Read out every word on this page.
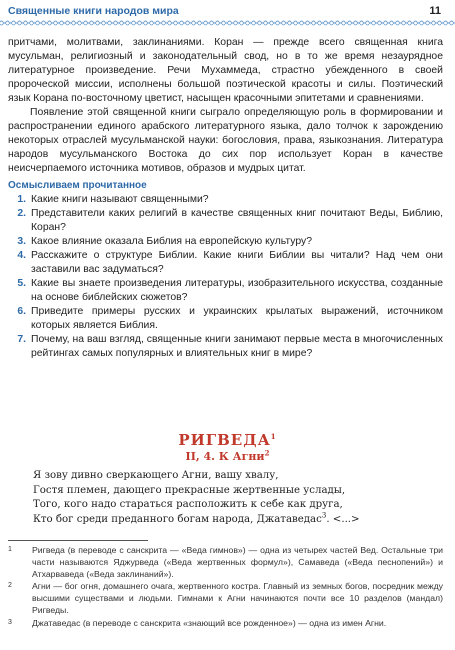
Священные книги народов мира	11

притчами, молитвами, заклинаниями. Коран — прежде всего священная книга мусульман, религиозный и законодательный свод, но в то же время незаурядное литературное произведение. Речи Мухаммеда, страстно убежденного в своей пророческой миссии, исполнены большой поэтической красоты и силы. Поэтический язык Корана по-восточному цветист, насыщен красочными эпитетами и сравнениями.

Появление этой священной книги сыграло определяющую роль в формировании и распространении единого арабского литературного языка, дало толчок к зарождению некоторых отраслей мусульманской науки: богословия, права, языкознания. Литература народов мусульманского Востока до сих пор использует Коран в качестве неисчерпаемого источника мотивов, образов и мудрых цитат.

Осмысливаем прочитанное
1. Какие книги называют священными?
2. Представители каких религий в качестве священных книг почитают Веды, Библию, Коран?
3. Какое влияние оказала Библия на европейскую культуру?
4. Расскажите о структуре Библии. Какие книги Библии вы читали? Над чем они заставили вас задуматься?
5. Какие вы знаете произведения литературы, изобразительного искусства, созданные на основе библейских сюжетов?
6. Приведите примеры русских и украинских крылатых выражений, источником которых является Библия.
7. Почему, на ваш взгляд, священные книги занимают первые места в многочисленных рейтингах самых популярных и влиятельных книг в мире?
РИГВЕДА$^1$
II, 4. К Агни$^2$
Я зову дивно сверкающего Агни, вашу хвалу,
Гостя племен, дающего прекрасные жертвенные услады,
Того, кого надо стараться расположить к себе как друга,
Кто бог среди преданного богам народа, Джатаведас$^3$. <...>
1	Ригведа (в переводе с санскрита — «Веда гимнов») — одна из четырех частей Вед. Остальные три части называются Яджурведа («Веда жертвенных формул»), Самаведа («Веда песнопений») и Атхарваведа («Веда заклинаний»).
2	Агни — бог огня, домашнего очага, жертвенного костра. Главный из земных богов, посредник между высшими существами и людьми. Гимнами к Агни начинаются почти все 10 разделов (мандал) Ригведы.
3	Джатаведас (в переводе с санскрита «знающий все рожденное») — одна из имен Агни.
